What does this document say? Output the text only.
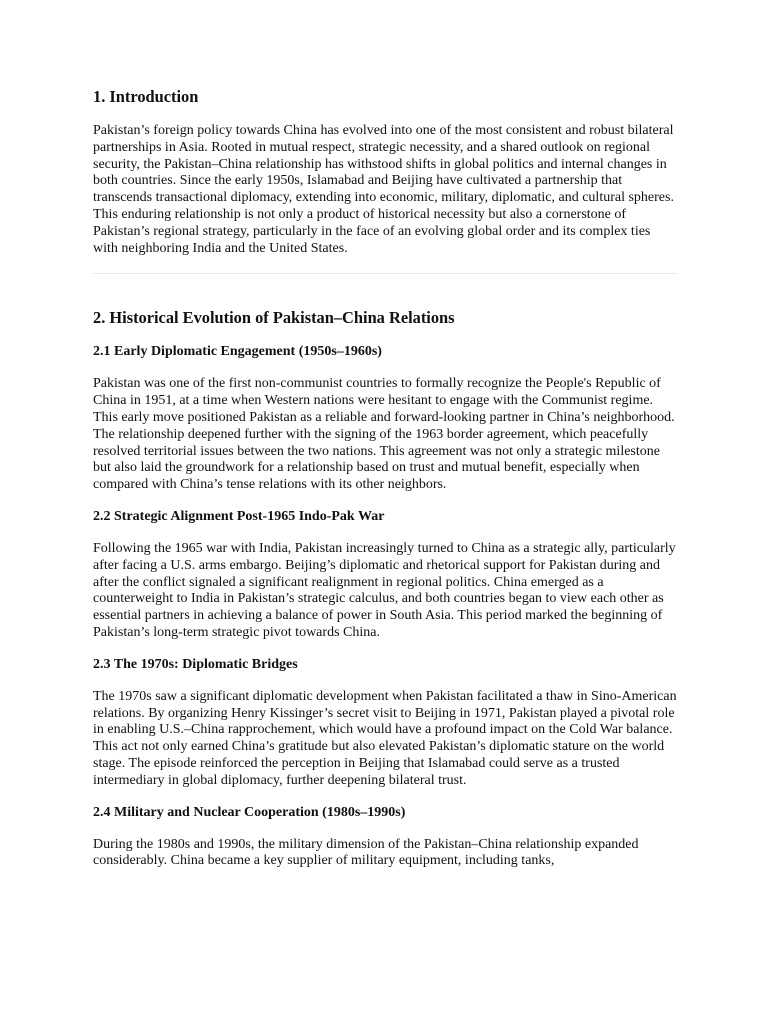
1. Introduction

Pakistan’s foreign policy towards China has evolved into one of the most consistent and robust bilateral partnerships in Asia. Rooted in mutual respect, strategic necessity, and a shared outlook on regional security, the Pakistan–China relationship has withstood shifts in global politics and internal changes in both countries. Since the early 1950s, Islamabad and Beijing have cultivated a partnership that transcends transactional diplomacy, extending into economic, military, diplomatic, and cultural spheres. This enduring relationship is not only a product of historical necessity but also a cornerstone of Pakistan’s regional strategy, particularly in the face of an evolving global order and its complex ties with neighboring India and the United States.

2. Historical Evolution of Pakistan–China Relations
2.1 Early Diplomatic Engagement (1950s–1960s)

Pakistan was one of the first non-communist countries to formally recognize the People's Republic of China in 1951, at a time when Western nations were hesitant to engage with the Communist regime. This early move positioned Pakistan as a reliable and forward-looking partner in China’s neighborhood. The relationship deepened further with the signing of the 1963 border agreement, which peacefully resolved territorial issues between the two nations. This agreement was not only a strategic milestone but also laid the groundwork for a relationship based on trust and mutual benefit, especially when compared with China’s tense relations with its other neighbors.

2.2 Strategic Alignment Post-1965 Indo-Pak War

Following the 1965 war with India, Pakistan increasingly turned to China as a strategic ally, particularly after facing a U.S. arms embargo. Beijing’s diplomatic and rhetorical support for Pakistan during and after the conflict signaled a significant realignment in regional politics. China emerged as a counterweight to India in Pakistan’s strategic calculus, and both countries began to view each other as essential partners in achieving a balance of power in South Asia. This period marked the beginning of Pakistan’s long-term strategic pivot towards China.

2.3 The 1970s: Diplomatic Bridges

The 1970s saw a significant diplomatic development when Pakistan facilitated a thaw in Sino-American relations. By organizing Henry Kissinger’s secret visit to Beijing in 1971, Pakistan played a pivotal role in enabling U.S.–China rapprochement, which would have a profound impact on the Cold War balance. This act not only earned China’s gratitude but also elevated Pakistan’s diplomatic stature on the world stage. The episode reinforced the perception in Beijing that Islamabad could serve as a trusted intermediary in global diplomacy, further deepening bilateral trust.

2.4 Military and Nuclear Cooperation (1980s–1990s)

During the 1980s and 1990s, the military dimension of the Pakistan–China relationship expanded considerably. China became a key supplier of military equipment, including tanks,
